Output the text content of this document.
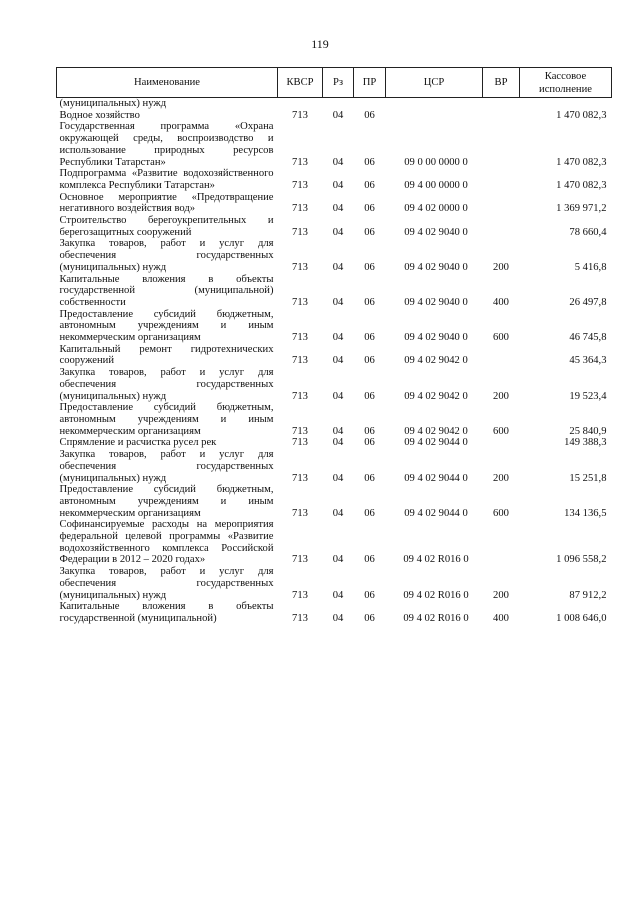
119
Наименование	КВСР	Рз	ПР	ЦСР	ВР	Кассовое исполнение
(муниципальных) нужд						
Водное хозяйство	713	04	06			1 470 082,3
Государственная программа «Охрана окружающей среды, воспроизводство и использование природных ресурсов Республики Татарстан»	713	04	06	09 0 00 0000 0		1 470 082,3
Подпрограмма «Развитие водохозяйственного комплекса Республики Татарстан»	713	04	06	09 4 00 0000 0		1 470 082,3
Основное мероприятие «Предотвращение негативного воздействия вод»	713	04	06	09 4 02 0000 0		1 369 971,2
Строительство берегоукрепительных и берегозащитных сооружений	713	04	06	09 4 02 9040 0		78 660,4
Закупка товаров, работ и услуг для обеспечения государственных (муниципальных) нужд	713	04	06	09 4 02 9040 0	200	5 416,8
Капитальные вложения в объекты государственной (муниципальной) собственности	713	04	06	09 4 02 9040 0	400	26 497,8
Предоставление субсидий бюджетным, автономным учреждениям и иным некоммерческим организациям	713	04	06	09 4 02 9040 0	600	46 745,8
Капитальный ремонт гидротехнических сооружений	713	04	06	09 4 02 9042 0		45 364,3
Закупка товаров, работ и услуг для обеспечения государственных (муниципальных) нужд	713	04	06	09 4 02 9042 0	200	19 523,4
Предоставление субсидий бюджетным, автономным учреждениям и иным некоммерческим организациям	713	04	06	09 4 02 9042 0	600	25 840,9
Спрямление и расчистка русел рек	713	04	06	09 4 02 9044 0		149 388,3
Закупка товаров, работ и услуг для обеспечения государственных (муниципальных) нужд	713	04	06	09 4 02 9044 0	200	15 251,8
Предоставление субсидий бюджетным, автономным учреждениям и иным некоммерческим организациям	713	04	06	09 4 02 9044 0	600	134 136,5
Софинансируемые расходы на мероприятия федеральной целевой программы «Развитие водохозяйственного комплекса Российской Федерации в 2012 – 2020 годах»	713	04	06	09 4 02 R016 0		1 096 558,2
Закупка товаров, работ и услуг для обеспечения государственных (муниципальных) нужд	713	04	06	09 4 02 R016 0	200	87 912,2
Капитальные вложения в объекты государственной (муниципальной)	713	04	06	09 4 02 R016 0	400	1 008 646,0
